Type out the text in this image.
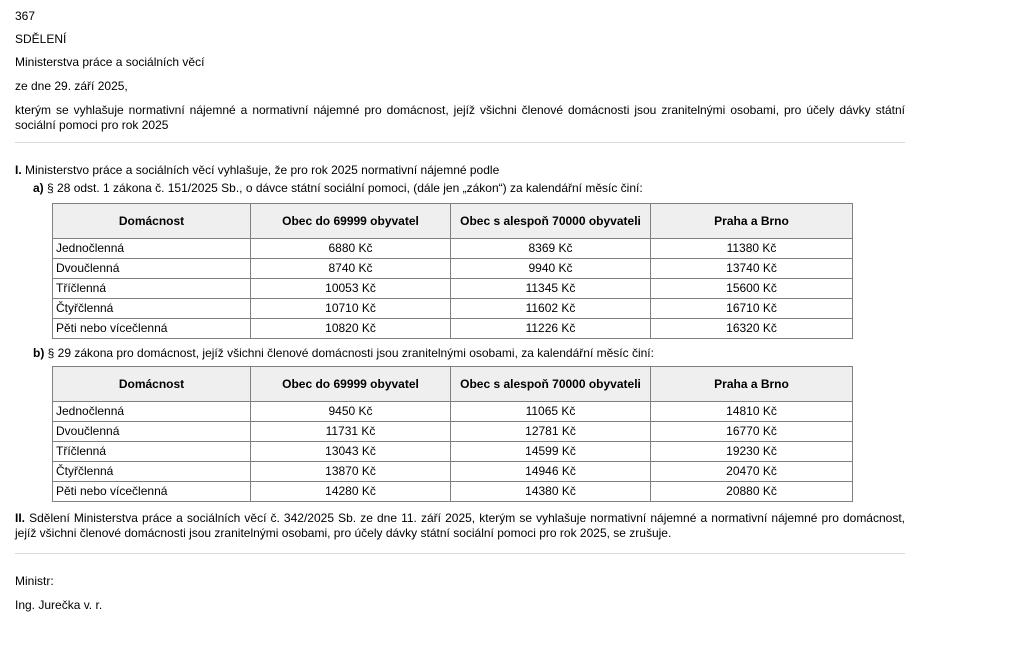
367

SDĚLENÍ

Ministerstva práce a sociálních věcí

ze dne 29. září 2025,

kterým se vyhlašuje normativní nájemné a normativní nájemné pro domácnost, jejíž všichni členové domácnosti jsou zranitelnými osobami, pro účely dávky státní sociální pomoci pro rok 2025

I. Ministerstvo práce a sociálních věcí vyhlašuje, že pro rok 2025 normativní nájemné podle

a) § 28 odst. 1 zákona č. 151/2025 Sb., o dávce státní sociální pomoci, (dále jen „zákon“) za kalendářní měsíc činí:

Domácnost	Obec do 69999 obyvatel	Obec s alespoň 70000 obyvateli	Praha a Brno
Jednočlenná	6880 Kč	8369 Kč	11380 Kč
Dvoučlenná	8740 Kč	9940 Kč	13740 Kč
Tříčlenná	10053 Kč	11345 Kč	15600 Kč
Čtyřčlenná	10710 Kč	11602 Kč	16710 Kč
Pěti nebo vícečlenná	10820 Kč	11226 Kč	16320 Kč

b) § 29 zákona pro domácnost, jejíž všichni členové domácnosti jsou zranitelnými osobami, za kalendářní měsíc činí:

Domácnost	Obec do 69999 obyvatel	Obec s alespoň 70000 obyvateli	Praha a Brno
Jednočlenná	9450 Kč	11065 Kč	14810 Kč
Dvoučlenná	11731 Kč	12781 Kč	16770 Kč
Tříčlenná	13043 Kč	14599 Kč	19230 Kč
Čtyřčlenná	13870 Kč	14946 Kč	20470 Kč
Pěti nebo vícečlenná	14280 Kč	14380 Kč	20880 Kč

II. Sdělení Ministerstva práce a sociálních věcí č. 342/2025 Sb. ze dne 11. září 2025, kterým se vyhlašuje normativní nájemné a normativní nájemné pro domácnost, jejíž všichni členové domácnosti jsou zranitelnými osobami, pro účely dávky státní sociální pomoci pro rok 2025, se zrušuje.

Ministr:

Ing. Jurečka v. r.
